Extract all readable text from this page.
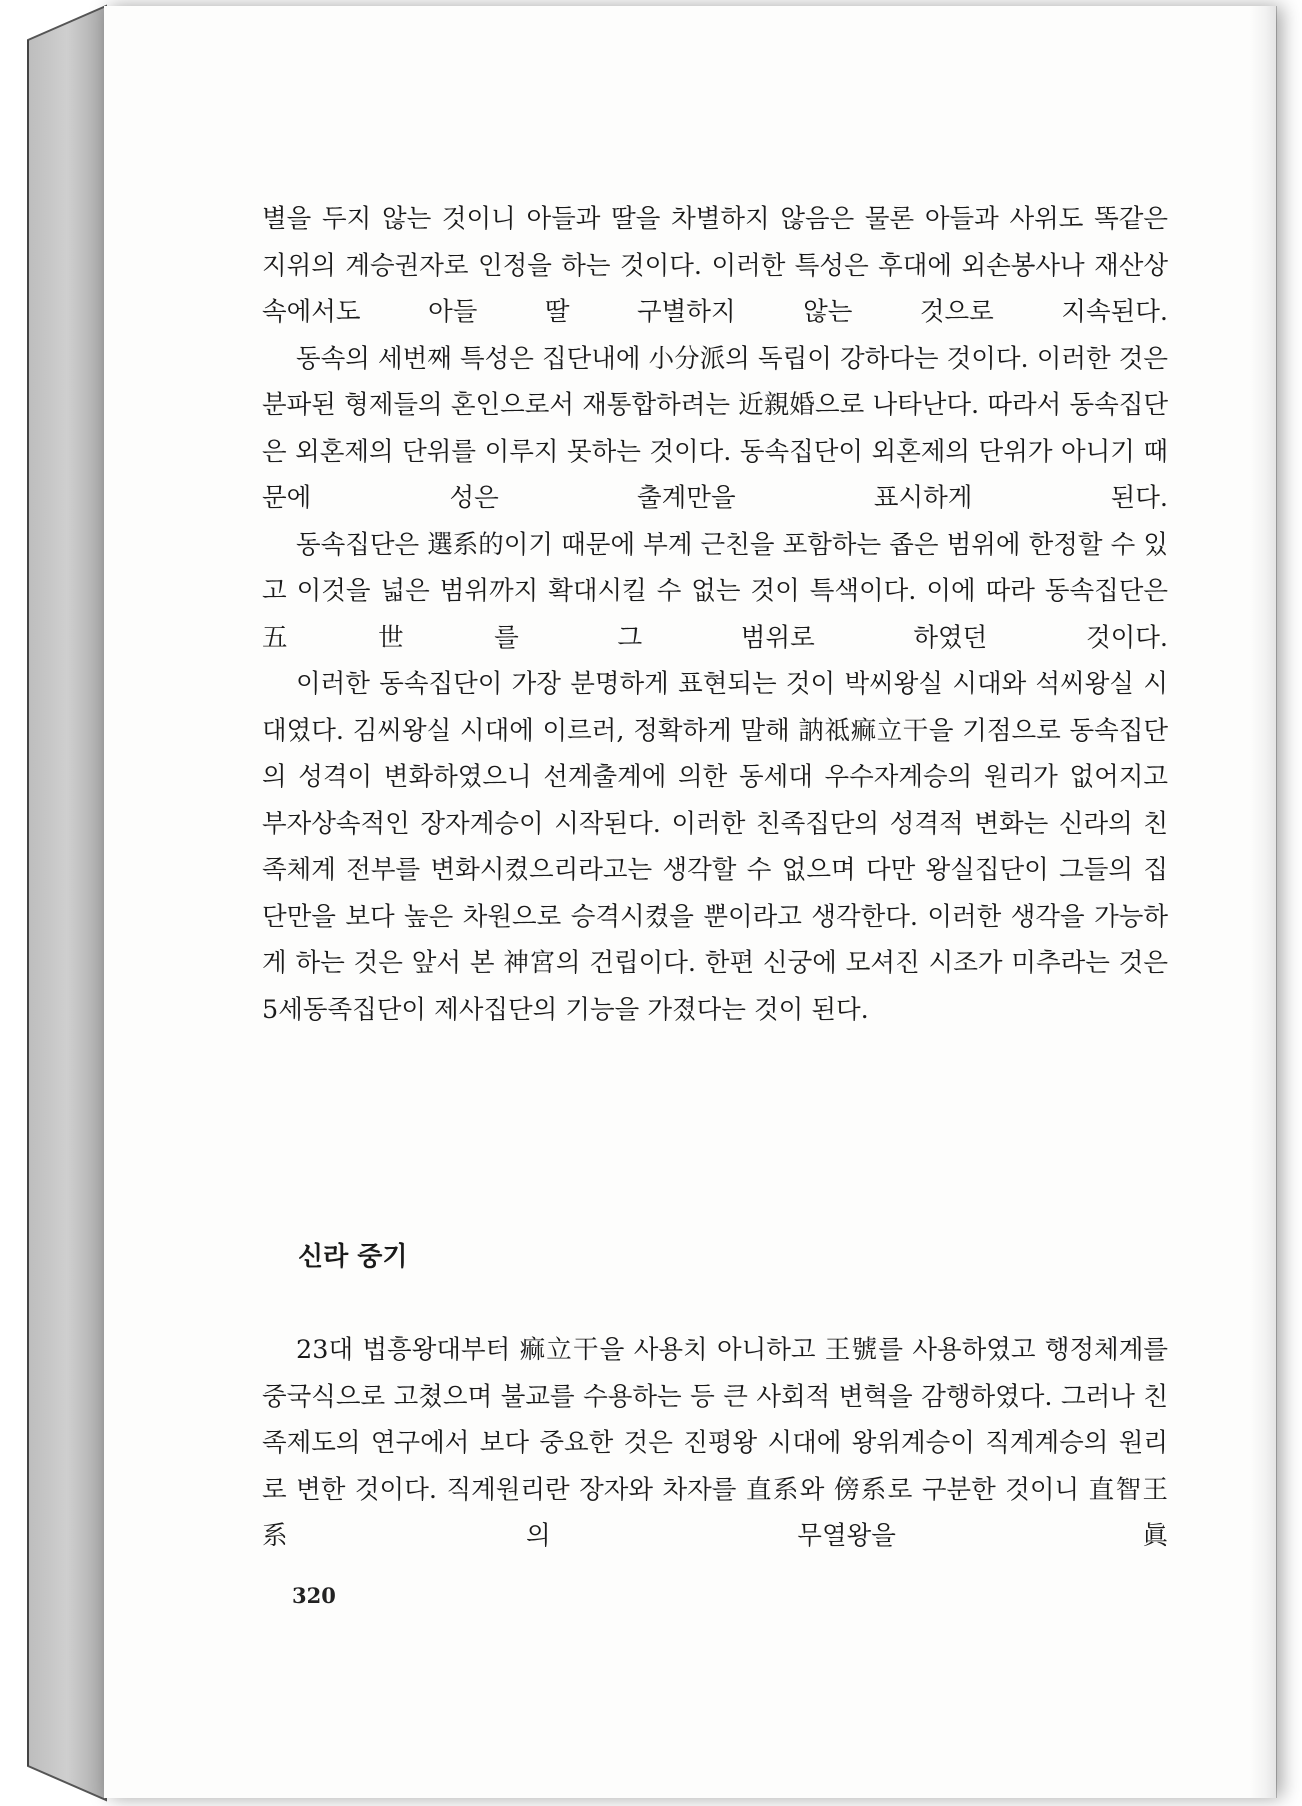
별을 두지 않는 것이니 아들과 딸을 차별하지 않음은 물론 아들과 사위도 똑같은 지위의 계승권자로 인정을 하는 것이다. 이러한 특성은 후대에 외손봉사나 재산상속에서도 아들 딸 구별하지 않는 것으로 지속된다.

동속의 세번째 특성은 집단내에 小分派의 독립이 강하다는 것이다. 이러한 것은 분파된 형제들의 혼인으로서 재통합하려는 近親婚으로 나타난다. 따라서 동속집단은 외혼제의 단위를 이루지 못하는 것이다. 동속집단이 외혼제의 단위가 아니기 때문에 성은 출계만을 표시하게 된다.

동속집단은 選系的이기 때문에 부계 근친을 포함하는 좁은 범위에 한정할 수 있고 이것을 넓은 범위까지 확대시킬 수 없는 것이 특색이다. 이에 따라 동속집단은 五世를 그 범위로 하였던 것이다.

이러한 동속집단이 가장 분명하게 표현되는 것이 박씨왕실 시대와 석씨왕실 시대였다. 김씨왕실 시대에 이르러, 정확하게 말해 訥祗痲立干을 기점으로 동속집단의 성격이 변화하였으니 선계출계에 의한 동세대 우수자계승의 원리가 없어지고 부자상속적인 장자계승이 시작된다. 이러한 친족집단의 성격적 변화는 신라의 친족체계 전부를 변화시켰으리라고는 생각할 수 없으며 다만 왕실집단이 그들의 집단만을 보다 높은 차원으로 승격시켰을 뿐이라고 생각한다. 이러한 생각을 가능하게 하는 것은 앞서 본 神宮의 건립이다. 한편 신궁에 모셔진 시조가 미추라는 것은 5세동족집단이 제사집단의 기능을 가졌다는 것이 된다.

신라 중기

23대 법흥왕대부터 痲立干을 사용치 아니하고 王號를 사용하였고 행정체계를 중국식으로 고쳤으며 불교를 수용하는 등 큰 사회적 변혁을 감행하였다. 그러나 친족제도의 연구에서 보다 중요한 것은 진평왕 시대에 왕위계승이 직계계승의 원리로 변한 것이다. 직계원리란 장자와 차자를 直系와 傍系로 구분한 것이니 直智王系의 무열왕을 眞

320
